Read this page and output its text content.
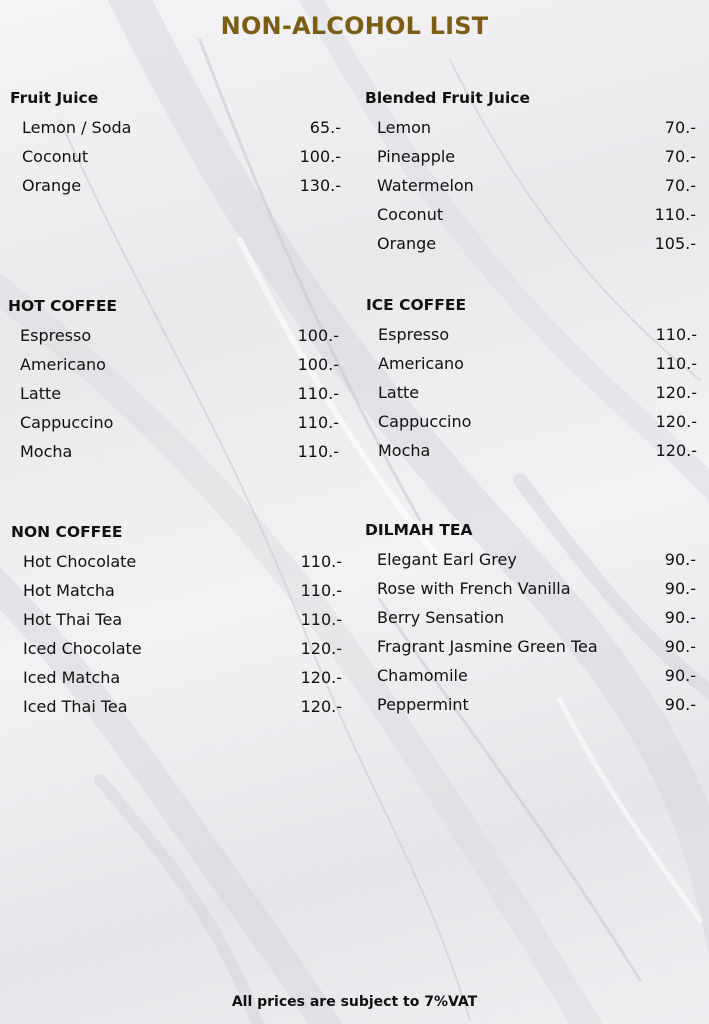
NON-ALCOHOL LIST
Fruit Juice
Lemon / Soda	65.-
Coconut	100.-
Orange	130.-
Blended Fruit Juice
Lemon	70.-
Pineapple	70.-
Watermelon	70.-
Coconut	110.-
Orange	105.-
HOT COFFEE
Espresso	100.-
Americano	100.-
Latte	110.-
Cappuccino	110.-
Mocha	110.-
ICE COFFEE
Espresso	110.-
Americano	110.-
Latte	120.-
Cappuccino	120.-
Mocha	120.-
NON COFFEE
Hot Chocolate	110.-
Hot Matcha	110.-
Hot Thai Tea	110.-
Iced Chocolate	120.-
Iced Matcha	120.-
Iced Thai Tea	120.-
DILMAH TEA
Elegant Earl Grey	90.-
Rose with French Vanilla	90.-
Berry Sensation	90.-
Fragrant Jasmine Green Tea	90.-
Chamomile	90.-
Peppermint	90.-
All prices are subject to 7%VAT
